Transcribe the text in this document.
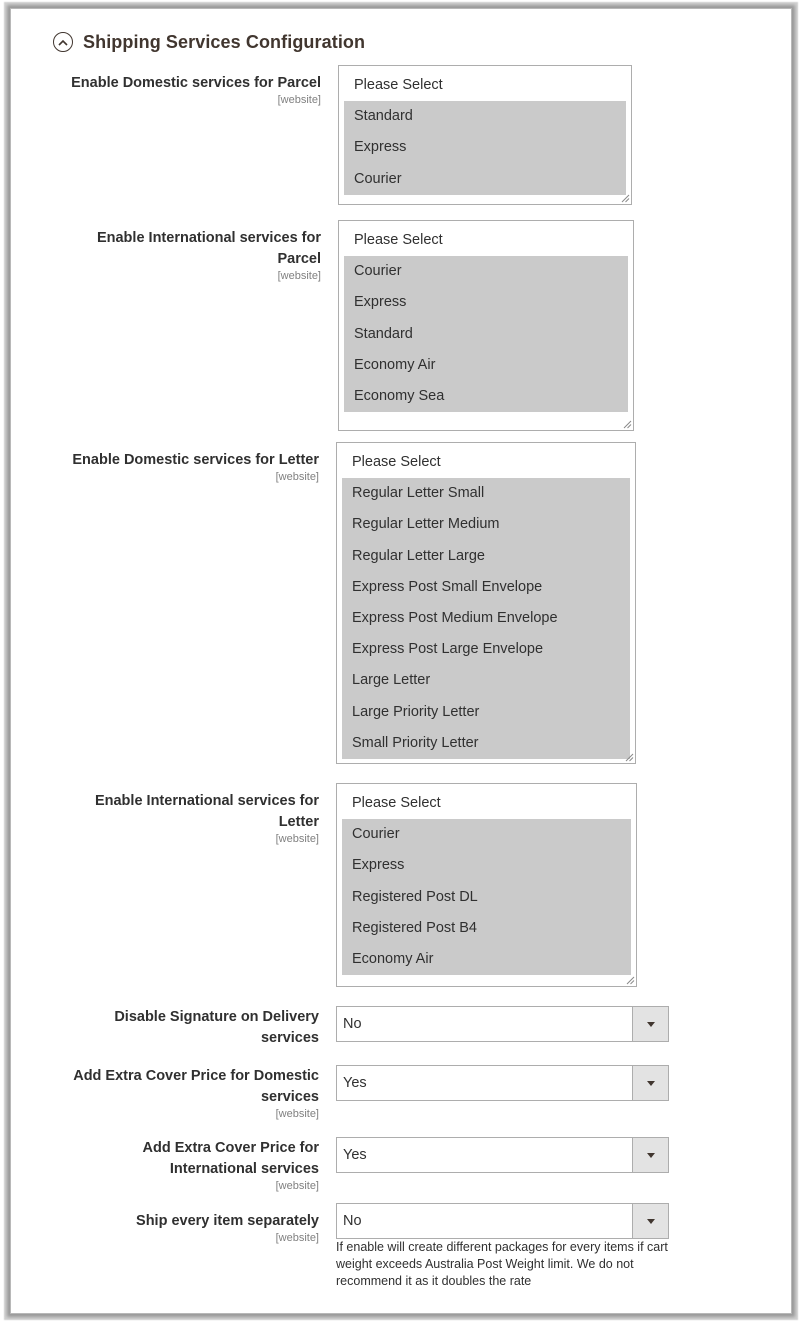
Shipping Services Configuration
Enable Domestic services for Parcel
[website]
Please Select
Standard
Express
Courier
Enable International services for
Parcel
[website]
Please Select
Courier
Express
Standard
Economy Air
Economy Sea
Enable Domestic services for Letter
[website]
Please Select
Regular Letter Small
Regular Letter Medium
Regular Letter Large
Express Post Small Envelope
Express Post Medium Envelope
Express Post Large Envelope
Large Letter
Large Priority Letter
Small Priority Letter
Enable International services for
Letter
[website]
Please Select
Courier
Express
Registered Post DL
Registered Post B4
Economy Air
Disable Signature on Delivery
services
No
Add Extra Cover Price for Domestic
services
[website]
Yes
Add Extra Cover Price for
International services
[website]
Yes
Ship every item separately
[website]
No
If enable will create different packages for every items if cart weight exceeds Australia Post Weight limit. We do not recommend it as it doubles the rate
